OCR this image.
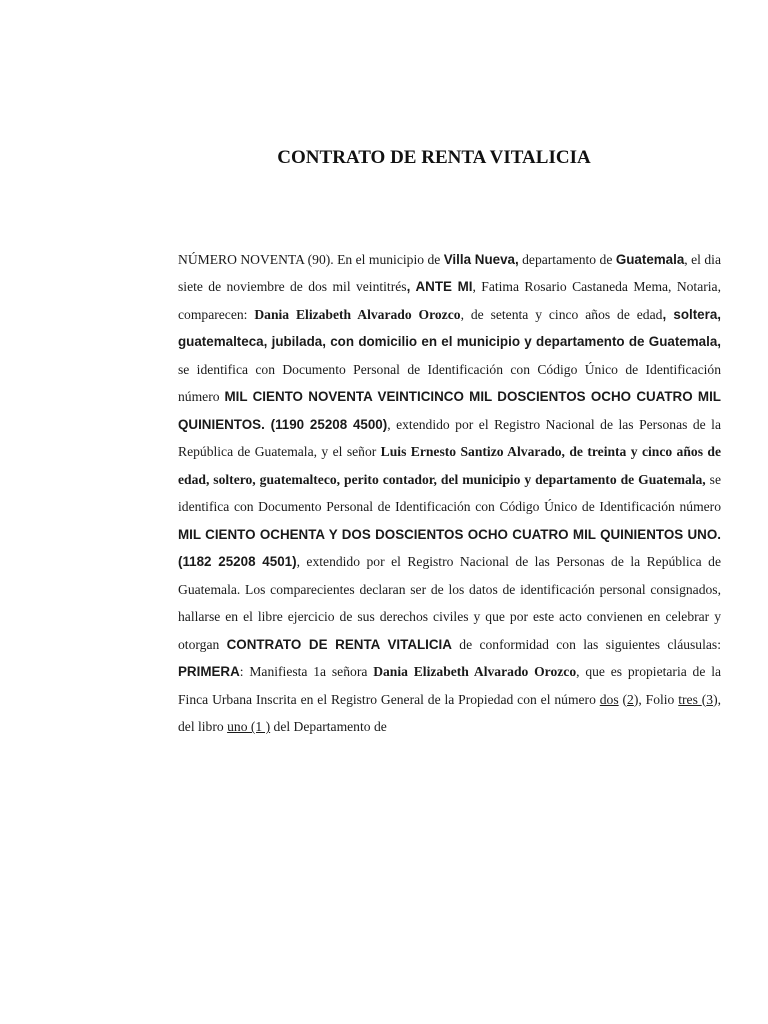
CONTRATO DE RENTA VITALICIA

NÚMERO NOVENTA (90). En el municipio de Villa Nueva, departamento de Guatemala, el dia siete de noviembre de dos mil veintitrés, ANTE MI, Fatima Rosario Castaneda Mema, Notaria, comparecen: Dania Elizabeth Alvarado Orozco, de setenta y cinco años de edad, soltera, guatemalteca, jubilada, con domicilio en el municipio y departamento de Guatemala, se identifica con Documento Personal de Identificación con Código Único de Identificación número MIL CIENTO NOVENTA VEINTICINCO MIL DOSCIENTOS OCHO CUATRO MIL QUINIENTOS. (1190 25208 4500), extendido por el Registro Nacional de las Personas de la República de Guatemala, y el señor Luis Ernesto Santizo Alvarado, de treinta y cinco años de edad, soltero, guatemalteco, perito contador, del municipio y departamento de Guatemala, se identifica con Documento Personal de Identificación con Código Único de Identificación número MIL CIENTO OCHENTA Y DOS DOSCIENTOS OCHO CUATRO MIL QUINIENTOS UNO. (1182 25208 4501), extendido por el Registro Nacional de las Personas de la República de Guatemala. Los comparecientes declaran ser de los datos de identificación personal consignados, hallarse en el libre ejercicio de sus derechos civiles y que por este acto convienen en celebrar y otorgan CONTRATO DE RENTA VITALICIA de conformidad con las siguientes cláusulas: PRIMERA: Manifiesta 1a señora Dania Elizabeth Alvarado Orozco, que es propietaria de la Finca Urbana Inscrita en el Registro General de la Propiedad con el número dos (2), Folio tres (3), del libro uno (1 ) del Departamento de
